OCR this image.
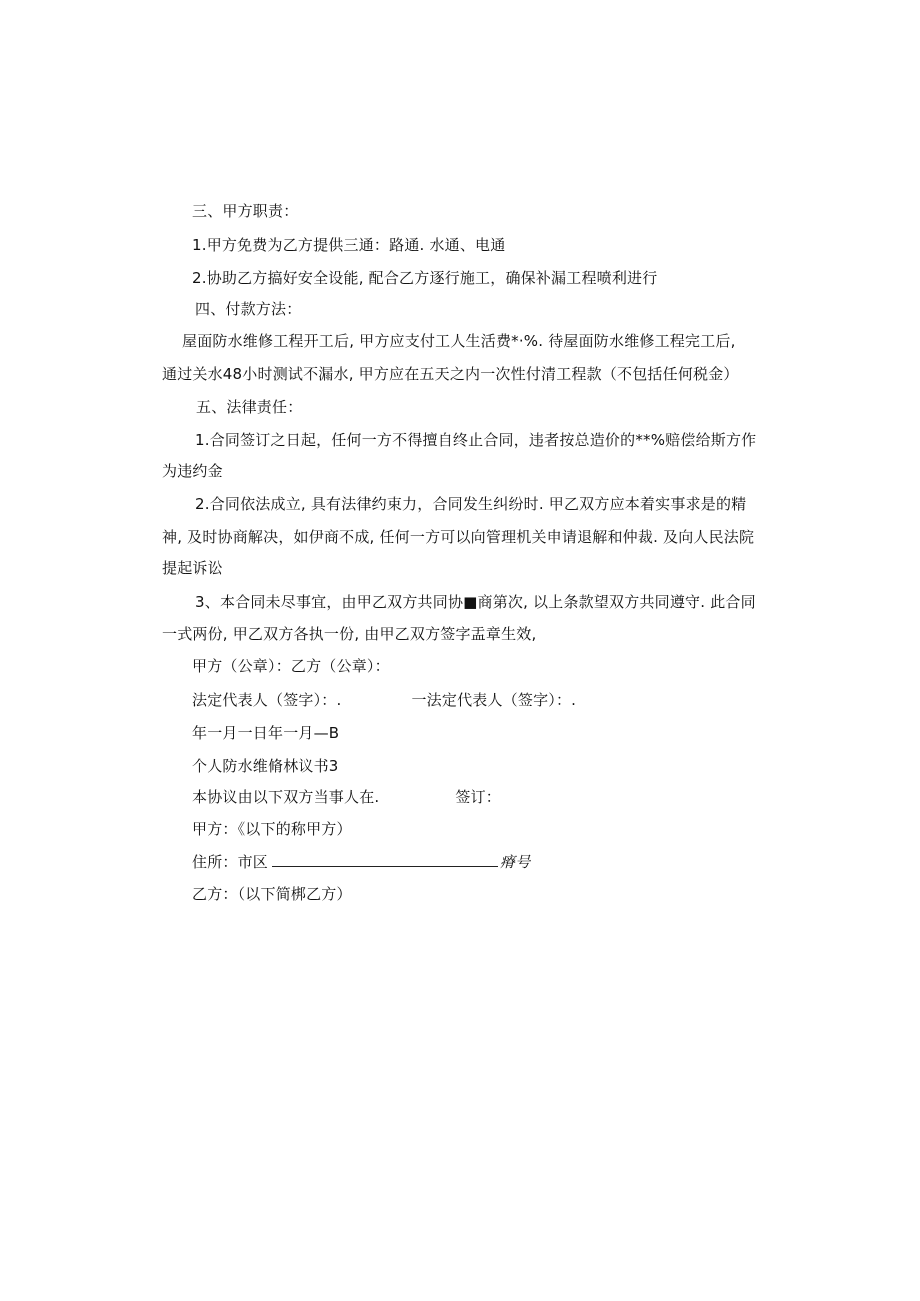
三、甲方职责：
1.甲方免费为乙方提供三通：路通. 水通、电通
2.协助乙方搞好安全设能, 配合乙方逐行施工，确保补漏工程喷利进行
四、付款方法：
屋面防水维修工程开工后, 甲方应支付工人生活费*·%. 待屋面防水维修工程完工后,
通过关水48小时测试不漏水, 甲方应在五天之内一次性付清工程款（不包括任何税金）
五、法律责任：
1.合同签订之日起，任何一方不得擅自终止合同，违者按总造价的**%赔偿给斯方作
为违约金
2.合同依法成立, 具有法律约束力，合同发生纠纷时. 甲乙双方应本着实事求是的精
神, 及时协商解决，如伊商不成, 任何一方可以向管理机关申请退解和仲裁. 及向人民法院
提起诉讼
3、本合同未尽事宜，由甲乙双方共同协■商第次, 以上条款望双方共同遵守. 此合同
一式两份, 甲乙双方各执一份, 由甲乙双方签字盂章生效,
甲方（公章）：乙方（公章）：
法定代表人（签字）：.	一法定代表人（签字）：.
年一月一日年一月—B
个人防水维脩林议书3
本协议由以下双方当事人在.	签订：
甲方：《以下的称甲方）
住所：市区	瘠号
乙方：（以下简梆乙方）
